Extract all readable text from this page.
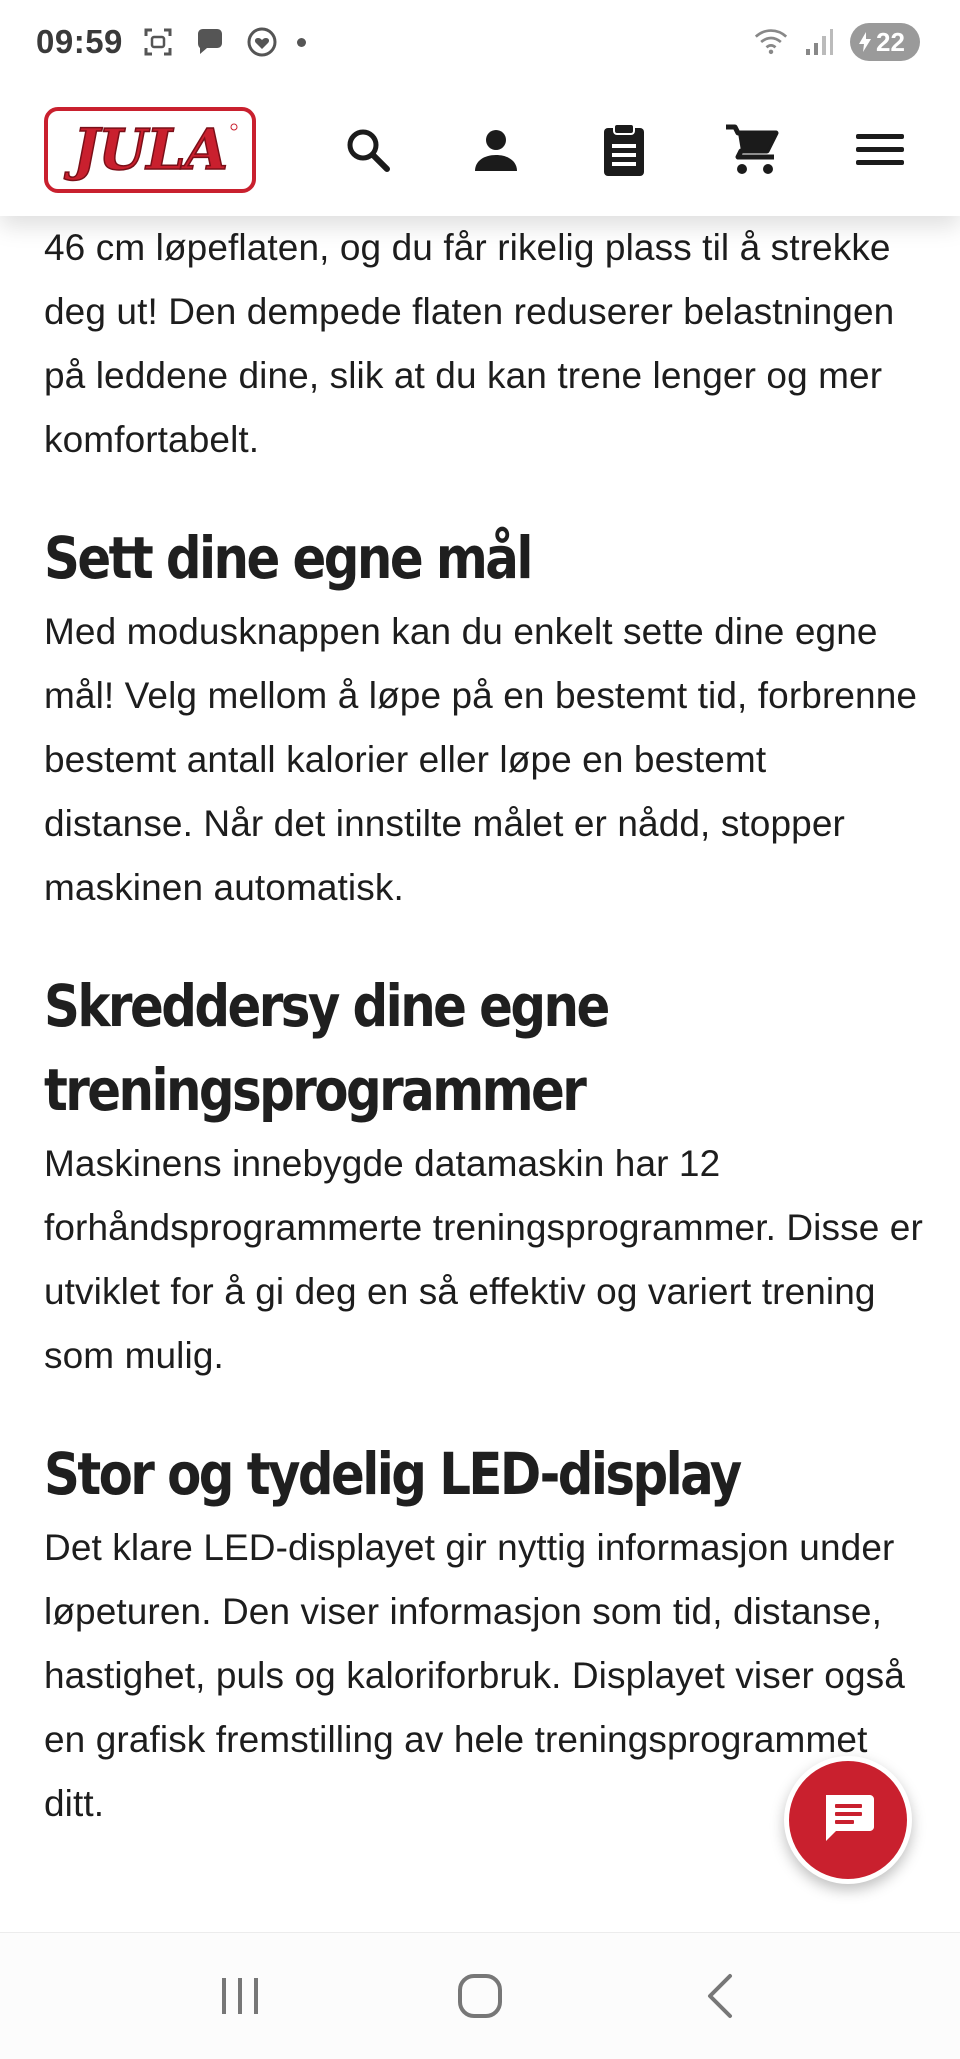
09:59	22
JULA

46 cm løpeflaten, og du får rikelig plass til å strekke deg ut! Den dempede flaten reduserer belastningen på leddene dine, slik at du kan trene lenger og mer komfortabelt.

Sett dine egne mål

Med modusknappen kan du enkelt sette dine egne mål! Velg mellom å løpe på en bestemt tid, forbrenne bestemt antall kalorier eller løpe en bestemt distanse. Når det innstilte målet er nådd, stopper maskinen automatisk.

Skreddersy dine egne treningsprogrammer

Maskinens innebygde datamaskin har 12 forhåndsprogrammerte treningsprogrammer. Disse er utviklet for å gi deg en så effektiv og variert trening som mulig.

Stor og tydelig LED-display

Det klare LED-displayet gir nyttig informasjon under løpeturen. Den viser informasjon som tid, distanse, hastighet, puls og kaloriforbruk. Displayet viser også en grafisk fremstilling av hele treningsprogrammet ditt.
